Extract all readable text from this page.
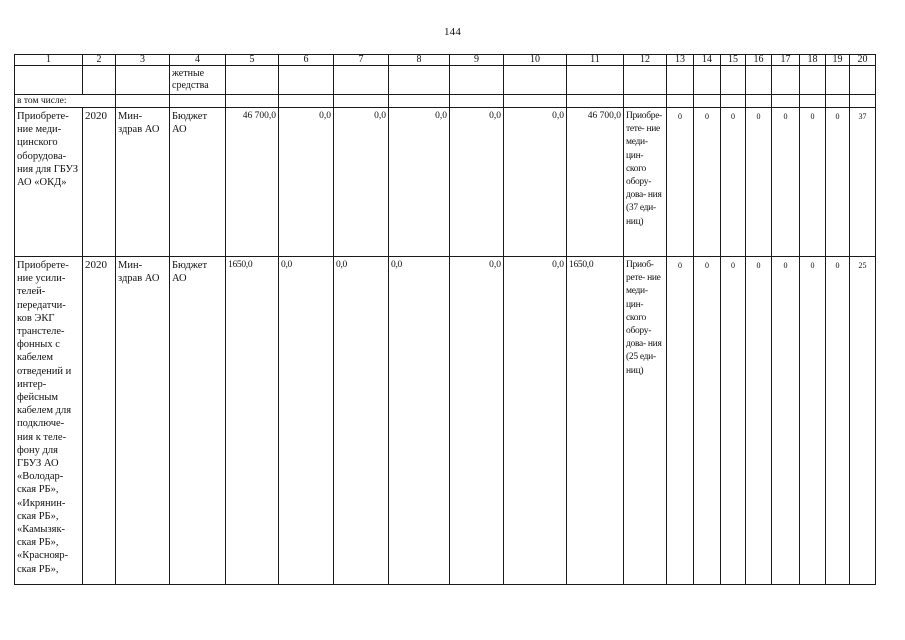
144
1	2	3	4	5	6	7	8	9	10	11	12	13	14	15	16	17	18	19	20

			жетные средства																

в том числе:																			

Приобрете- ние меди- цинского оборудова- ния для ГБУЗ АО «ОКД»	2020	Мин- здрав АО	Бюджет АО	46 700,0	0,0	0,0	0,0	0,0	0,0	46 700,0	Приобре- тете- ние меди- цин- ского обору- дова- ния (37 еди- ниц)	0	0	0	0	0	0	0	37

Приобрете- ние усили- телей- передатчи- ков ЭКГ транстеле- фонных с кабелем отведений и интер- фейсным кабелем для подключе- ния к теле- фону для ГБУЗ АО «Володар- ская РБ», «Икрянин- ская РБ», «Камызяк- ская РБ», «Краснояр- ская РБ»,	2020	Мин- здрав АО	Бюджет АО	1650,0	0,0	0,0	0,0	0,0	0,0	1650,0	Приоб- рете- ние меди- цин- ского обору- дова- ния (25 еди- ниц)	0	0	0	0	0	0	0	25
